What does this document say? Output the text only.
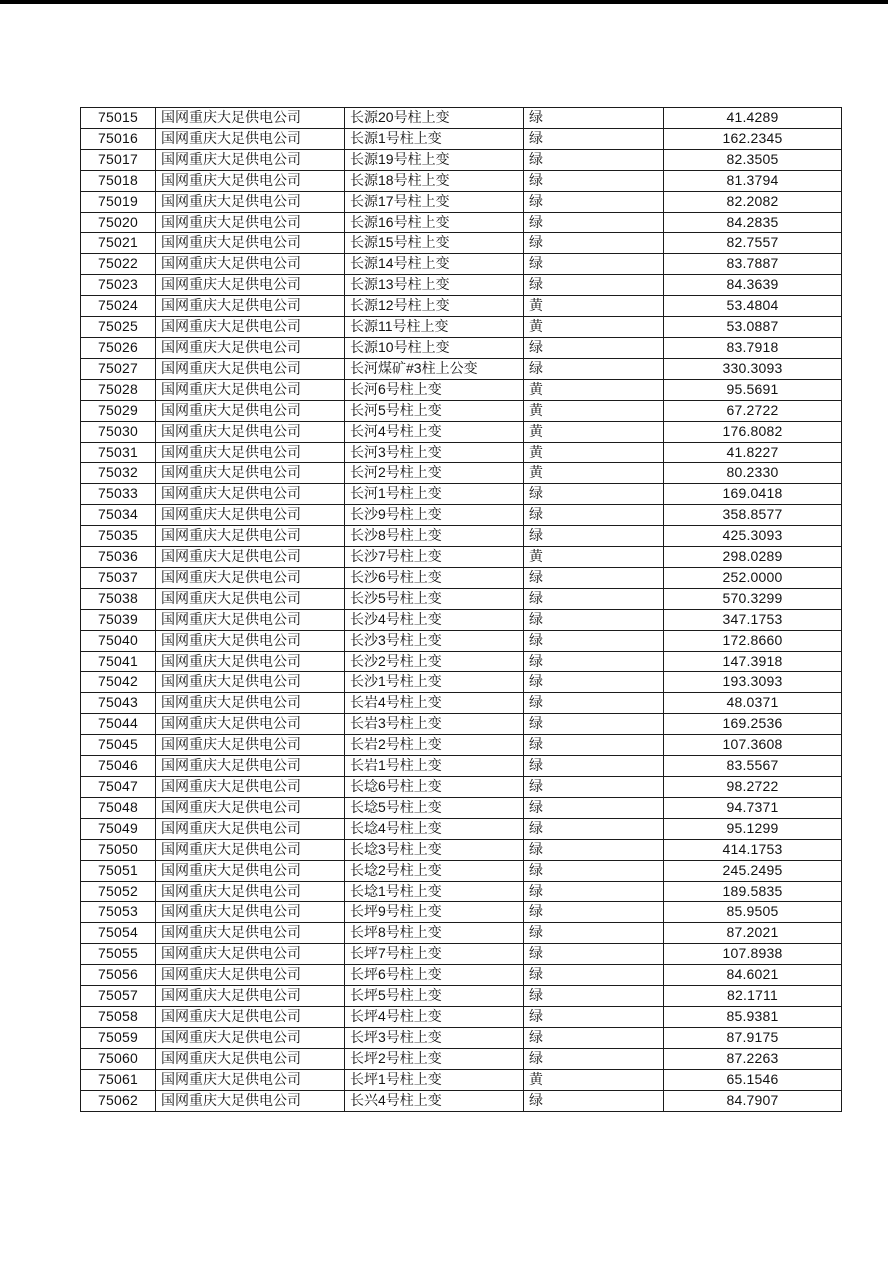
75015	国网重庆大足供电公司	长源20号柱上变	绿	41.4289
75016	国网重庆大足供电公司	长源1号柱上变	绿	162.2345
75017	国网重庆大足供电公司	长源19号柱上变	绿	82.3505
75018	国网重庆大足供电公司	长源18号柱上变	绿	81.3794
75019	国网重庆大足供电公司	长源17号柱上变	绿	82.2082
75020	国网重庆大足供电公司	长源16号柱上变	绿	84.2835
75021	国网重庆大足供电公司	长源15号柱上变	绿	82.7557
75022	国网重庆大足供电公司	长源14号柱上变	绿	83.7887
75023	国网重庆大足供电公司	长源13号柱上变	绿	84.3639
75024	国网重庆大足供电公司	长源12号柱上变	黄	53.4804
75025	国网重庆大足供电公司	长源11号柱上变	黄	53.0887
75026	国网重庆大足供电公司	长源10号柱上变	绿	83.7918
75027	国网重庆大足供电公司	长河煤矿#3柱上公变	绿	330.3093
75028	国网重庆大足供电公司	长河6号柱上变	黄	95.5691
75029	国网重庆大足供电公司	长河5号柱上变	黄	67.2722
75030	国网重庆大足供电公司	长河4号柱上变	黄	176.8082
75031	国网重庆大足供电公司	长河3号柱上变	黄	41.8227
75032	国网重庆大足供电公司	长河2号柱上变	黄	80.2330
75033	国网重庆大足供电公司	长河1号柱上变	绿	169.0418
75034	国网重庆大足供电公司	长沙9号柱上变	绿	358.8577
75035	国网重庆大足供电公司	长沙8号柱上变	绿	425.3093
75036	国网重庆大足供电公司	长沙7号柱上变	黄	298.0289
75037	国网重庆大足供电公司	长沙6号柱上变	绿	252.0000
75038	国网重庆大足供电公司	长沙5号柱上变	绿	570.3299
75039	国网重庆大足供电公司	长沙4号柱上变	绿	347.1753
75040	国网重庆大足供电公司	长沙3号柱上变	绿	172.8660
75041	国网重庆大足供电公司	长沙2号柱上变	绿	147.3918
75042	国网重庆大足供电公司	长沙1号柱上变	绿	193.3093
75043	国网重庆大足供电公司	长岩4号柱上变	绿	48.0371
75044	国网重庆大足供电公司	长岩3号柱上变	绿	169.2536
75045	国网重庆大足供电公司	长岩2号柱上变	绿	107.3608
75046	国网重庆大足供电公司	长岩1号柱上变	绿	83.5567
75047	国网重庆大足供电公司	长埝6号柱上变	绿	98.2722
75048	国网重庆大足供电公司	长埝5号柱上变	绿	94.7371
75049	国网重庆大足供电公司	长埝4号柱上变	绿	95.1299
75050	国网重庆大足供电公司	长埝3号柱上变	绿	414.1753
75051	国网重庆大足供电公司	长埝2号柱上变	绿	245.2495
75052	国网重庆大足供电公司	长埝1号柱上变	绿	189.5835
75053	国网重庆大足供电公司	长坪9号柱上变	绿	85.9505
75054	国网重庆大足供电公司	长坪8号柱上变	绿	87.2021
75055	国网重庆大足供电公司	长坪7号柱上变	绿	107.8938
75056	国网重庆大足供电公司	长坪6号柱上变	绿	84.6021
75057	国网重庆大足供电公司	长坪5号柱上变	绿	82.1711
75058	国网重庆大足供电公司	长坪4号柱上变	绿	85.9381
75059	国网重庆大足供电公司	长坪3号柱上变	绿	87.9175
75060	国网重庆大足供电公司	长坪2号柱上变	绿	87.2263
75061	国网重庆大足供电公司	长坪1号柱上变	黄	65.1546
75062	国网重庆大足供电公司	长兴4号柱上变	绿	84.7907
